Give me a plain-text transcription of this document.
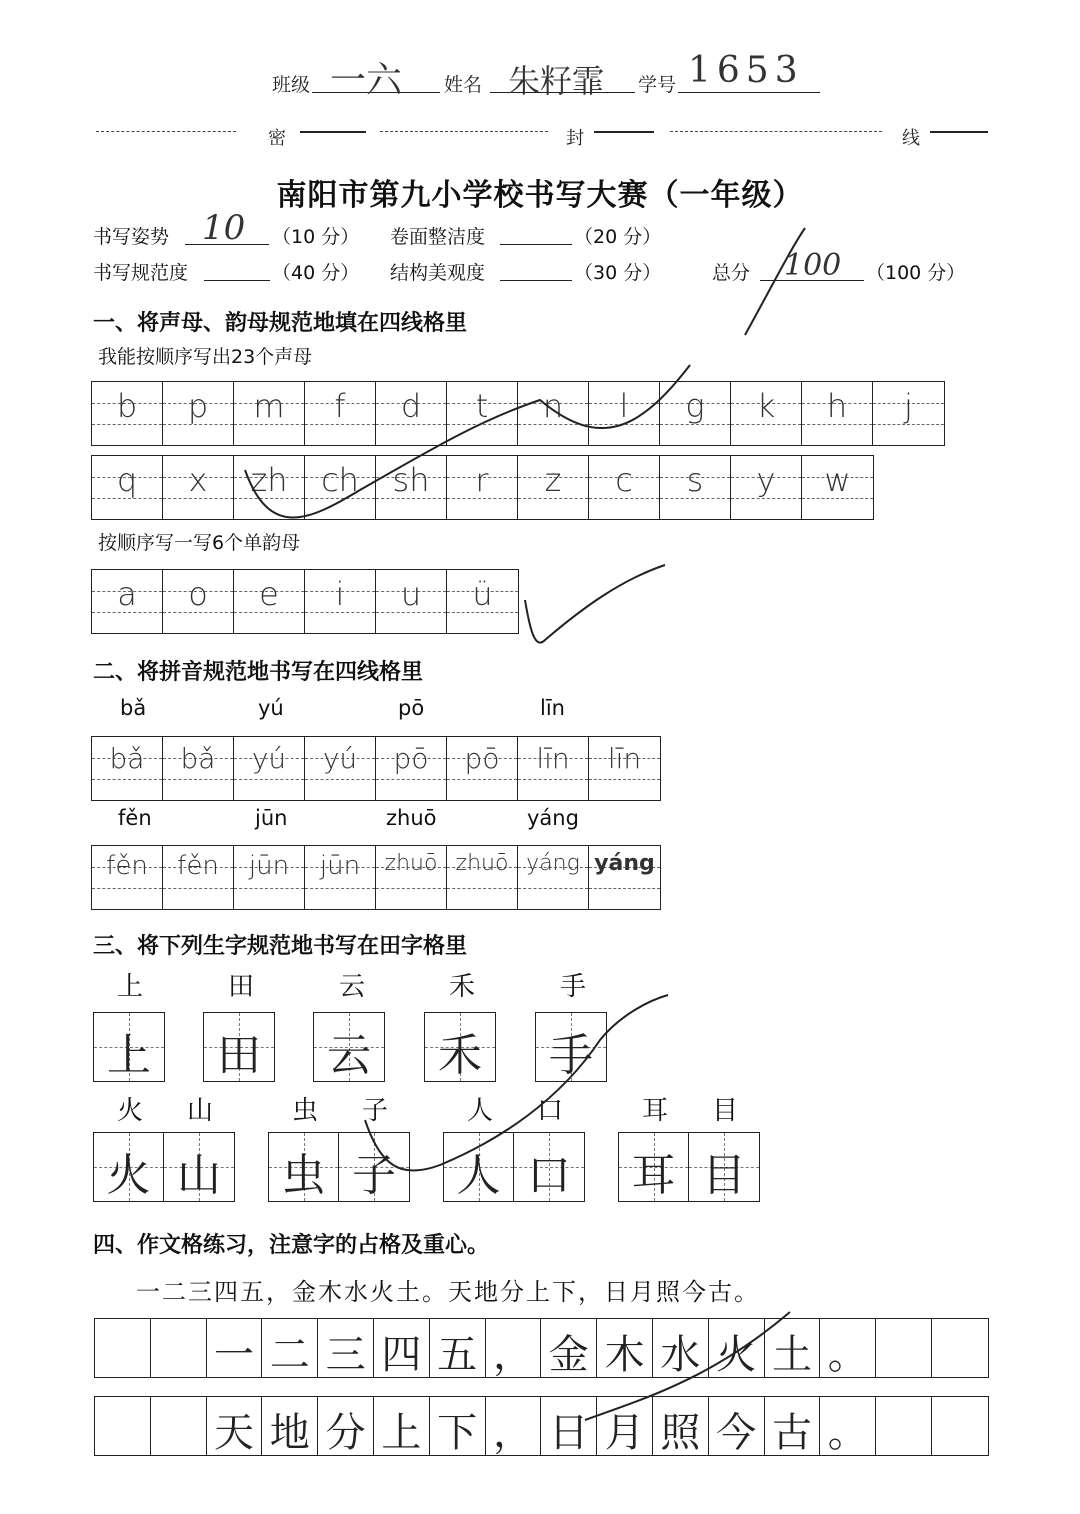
班级 一六 姓名 朱籽霏 学号 1653
密	封	线
南阳市第九小学校书写大赛（一年级）
书写姿势 10 （10 分） 卷面整洁度	（20 分）
书写规范度	（40 分） 结构美观度	（30 分）	总分 100 （100 分）
一、将声母、韵母规范地填在四线格里
我能按顺序写出23个声母
b	p	m	f	d	t	n	l	g	k	h	j
q	x	zh	ch	sh	r	z	c	s	y	w
按顺序写一写6个单韵母
a	o	e	i	u	ü
二、将拼音规范地书写在四线格里
bǎ	yú	pō	līn
bǎ	bǎ	yú	yú	pō	pō	līn	līn
fěn	jūn	zhuō	yáng
fěn	fěn	jūn	jūn	zhuō zhuō yáng yáng
三、将下列生字规范地书写在田字格里
上	田	云	禾	手
上 田 云 禾 手
火 山	虫 子	人 口	耳 目
火 山 虫 子 人 口 耳 目
四、作文格练习，注意字的占格及重心。
一二三四五，金木水火土。天地分上下，日月照今古。
一 二 三 四 五 ， 金 木 水 火 土 。
天 地 分 上 下 ， 日 月 照 今 古 。
